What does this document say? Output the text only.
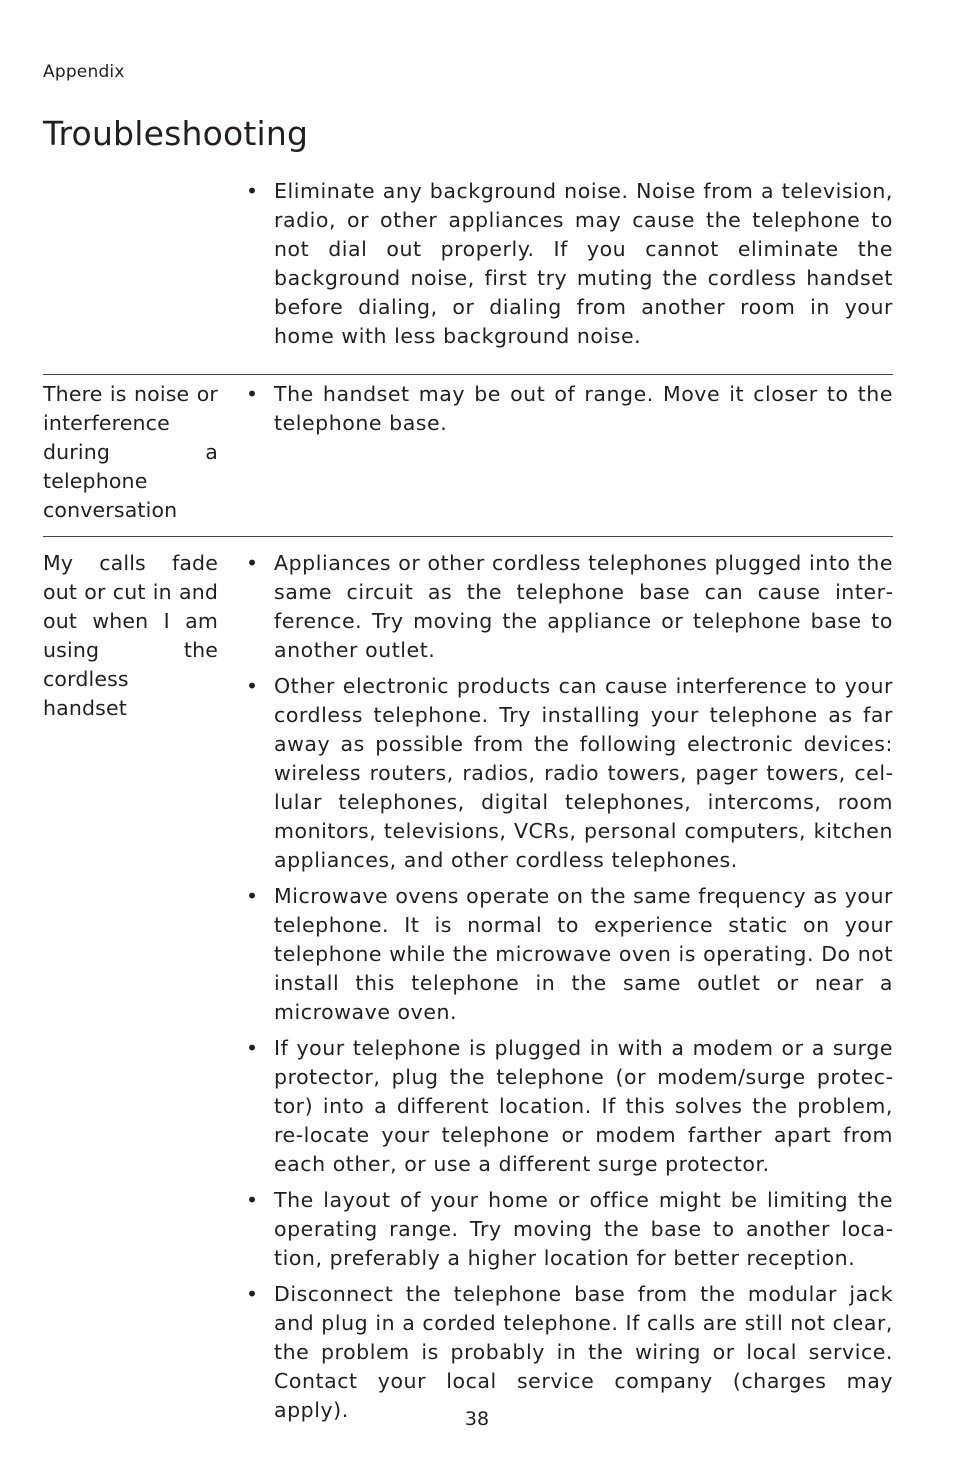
Appendix
Troubleshooting
• Eliminate any background noise. Noise from a television, radio, or other appliances may cause the telephone to not dial out properly. If you cannot eliminate the background noise, first try muting the cordless handset before dialing, or dialing from another room in your home with less background noise.
There is noise or interference during a telephone conversation
• The handset may be out of range. Move it closer to the telephone base.
My calls fade out or cut in and out when I am using the cordless handset
• Appliances or other cordless telephones plugged into the same circuit as the telephone base can cause interference. Try moving the appliance or telephone base to another outlet.
• Other electronic products can cause interference to your cordless telephone. Try installing your telephone as far away as possible from the following electronic devices: wireless routers, radios, radio towers, pager towers, cellular telephones, digital telephones, intercoms, room monitors, televisions, VCRs, personal computers, kitchen appliances, and other cordless telephones.
• Microwave ovens operate on the same frequency as your telephone. It is normal to experience static on your telephone while the microwave oven is operating. Do not install this telephone in the same outlet or near a microwave oven.
• If your telephone is plugged in with a modem or a surge protector, plug the telephone (or modem/surge protector) into a different location. If this solves the problem, re-locate your telephone or modem farther apart from each other, or use a different surge protector.
• The layout of your home or office might be limiting the operating range. Try moving the base to another location, preferably a higher location for better reception.
• Disconnect the telephone base from the modular jack and plug in a corded telephone. If calls are still not clear, the problem is probably in the wiring or local service. Contact your local service company (charges may apply).	38
